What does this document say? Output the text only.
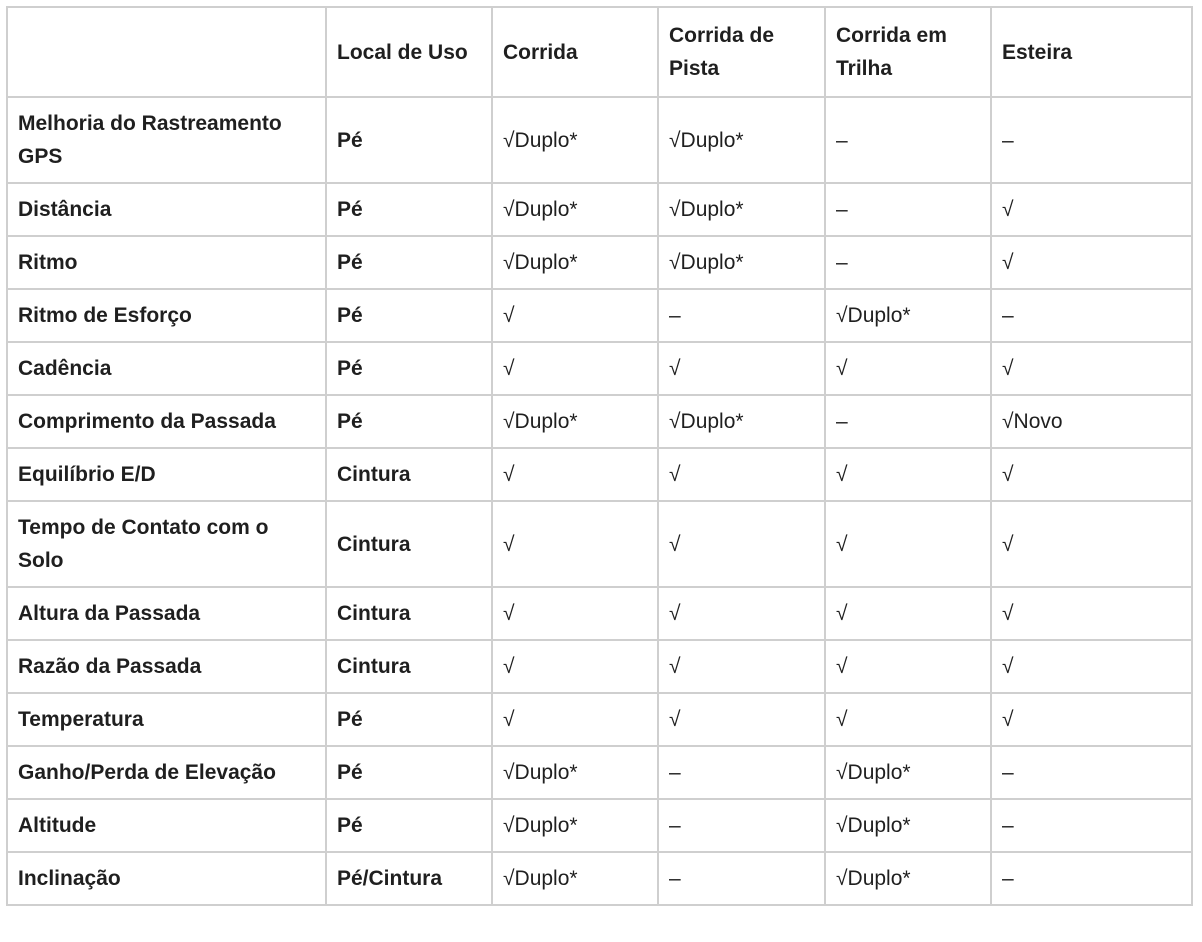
	Local de Uso	Corrida	Corrida de Pista	Corrida em Trilha	Esteira
Melhoria do Rastreamento GPS	Pé	√Duplo*	√Duplo*	–	–
Distância	Pé	√Duplo*	√Duplo*	–	√
Ritmo	Pé	√Duplo*	√Duplo*	–	√
Ritmo de Esforço	Pé	√	–	√Duplo*	–
Cadência	Pé	√	√	√	√
Comprimento da Passada	Pé	√Duplo*	√Duplo*	–	√Novo
Equilíbrio E/D	Cintura	√	√	√	√
Tempo de Contato com o Solo	Cintura	√	√	√	√
Altura da Passada	Cintura	√	√	√	√
Razão da Passada	Cintura	√	√	√	√
Temperatura	Pé	√	√	√	√
Ganho/Perda de Elevação	Pé	√Duplo*	–	√Duplo*	–
Altitude	Pé	√Duplo*	–	√Duplo*	–
Inclinação	Pé/Cintura	√Duplo*	–	√Duplo*	–
